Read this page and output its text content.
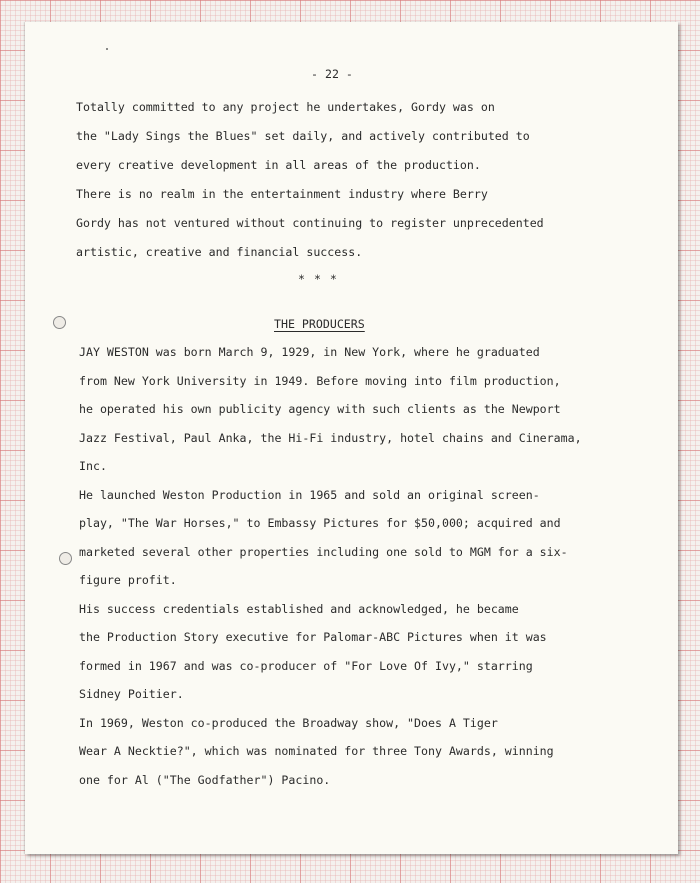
- 22 -
Totally committed to any project he undertakes, Gordy was on
the "Lady Sings the Blues" set daily, and actively contributed to
every creative development in all areas of the production.
There is no realm in the entertainment industry where Berry
Gordy has not ventured without continuing to register unprecedented
artistic, creative and financial success.
* * *
THE PRODUCERS
JAY WESTON was born March 9, 1929, in New York, where he graduated
from New York University in 1949. Before moving into film production,
he operated his own publicity agency with such clients as the Newport
Jazz Festival, Paul Anka, the Hi-Fi industry, hotel chains and Cinerama,
Inc.
He launched Weston Production in 1965 and sold an original screen-
play, "The War Horses," to Embassy Pictures for $50,000; acquired and
marketed several other properties including one sold to MGM for a six-
figure profit.
His success credentials established and acknowledged, he became
the Production Story executive for Palomar-ABC Pictures when it was
formed in 1967 and was co-producer of "For Love Of Ivy," starring
Sidney Poitier.
In 1969, Weston co-produced the Broadway show, "Does A Tiger
Wear A Necktie?", which was nominated for three Tony Awards, winning
one for Al ("The Godfather") Pacino.
